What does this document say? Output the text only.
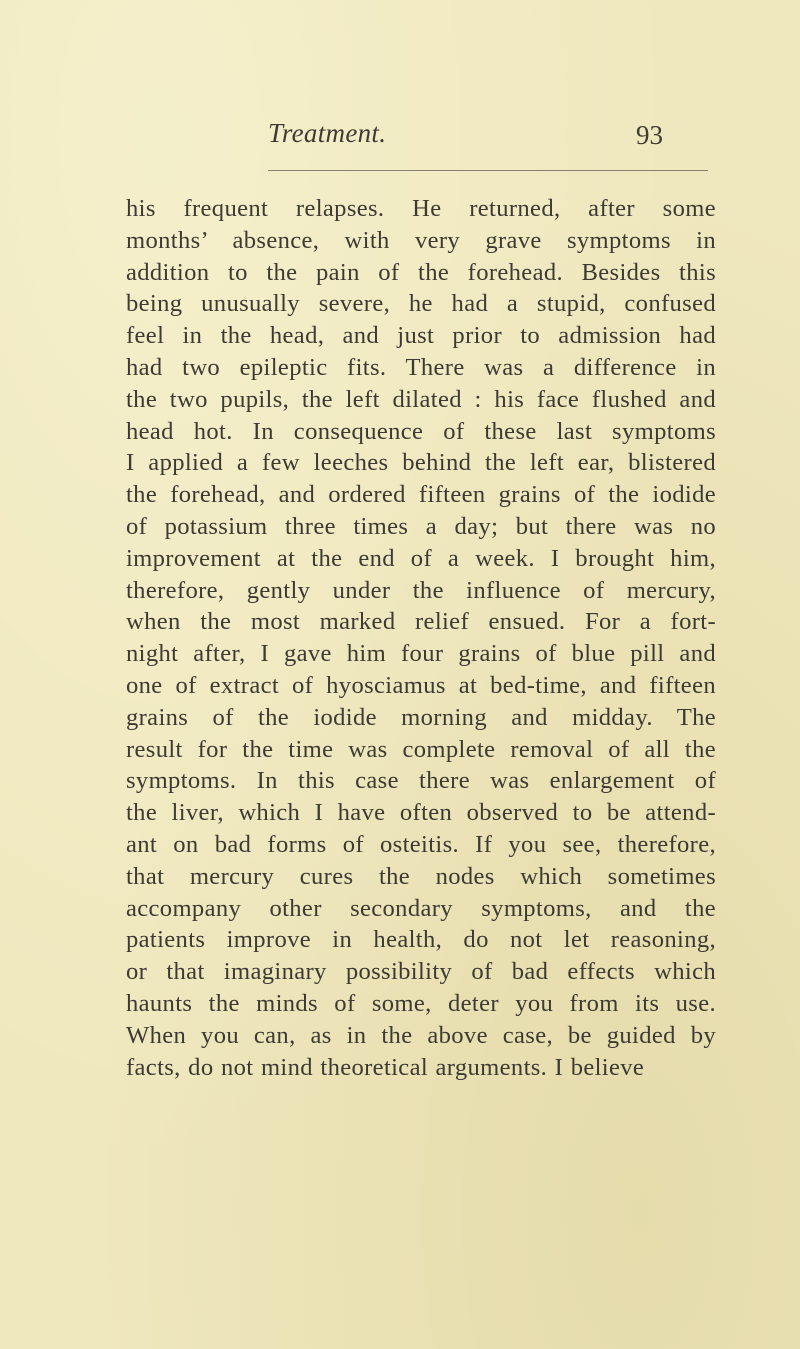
Treatment.	93
his frequent relapses. He returned, after some
months’ absence, with very grave symptoms in
addition to the pain of the forehead. Besides this
being unusually severe, he had a stupid, confused
feel in the head, and just prior to admission had
had two epileptic fits. There was a difference in
the two pupils, the left dilated : his face flushed and
head hot. In consequence of these last symptoms
I applied a few leeches behind the left ear, blistered
the forehead, and ordered fifteen grains of the iodide
of potassium three times a day; but there was no
improvement at the end of a week. I brought him,
therefore, gently under the influence of mercury,
when the most marked relief ensued. For a fort-
night after, I gave him four grains of blue pill and
one of extract of hyosciamus at bed-time, and fifteen
grains of the iodide morning and midday. The
result for the time was complete removal of all the
symptoms. In this case there was enlargement of
the liver, which I have often observed to be attend-
ant on bad forms of osteitis. If you see, therefore,
that mercury cures the nodes which sometimes
accompany other secondary symptoms, and the
patients improve in health, do not let reasoning,
or that imaginary possibility of bad effects which
haunts the minds of some, deter you from its use.
When you can, as in the above case, be guided by
facts, do not mind theoretical arguments. I believe
